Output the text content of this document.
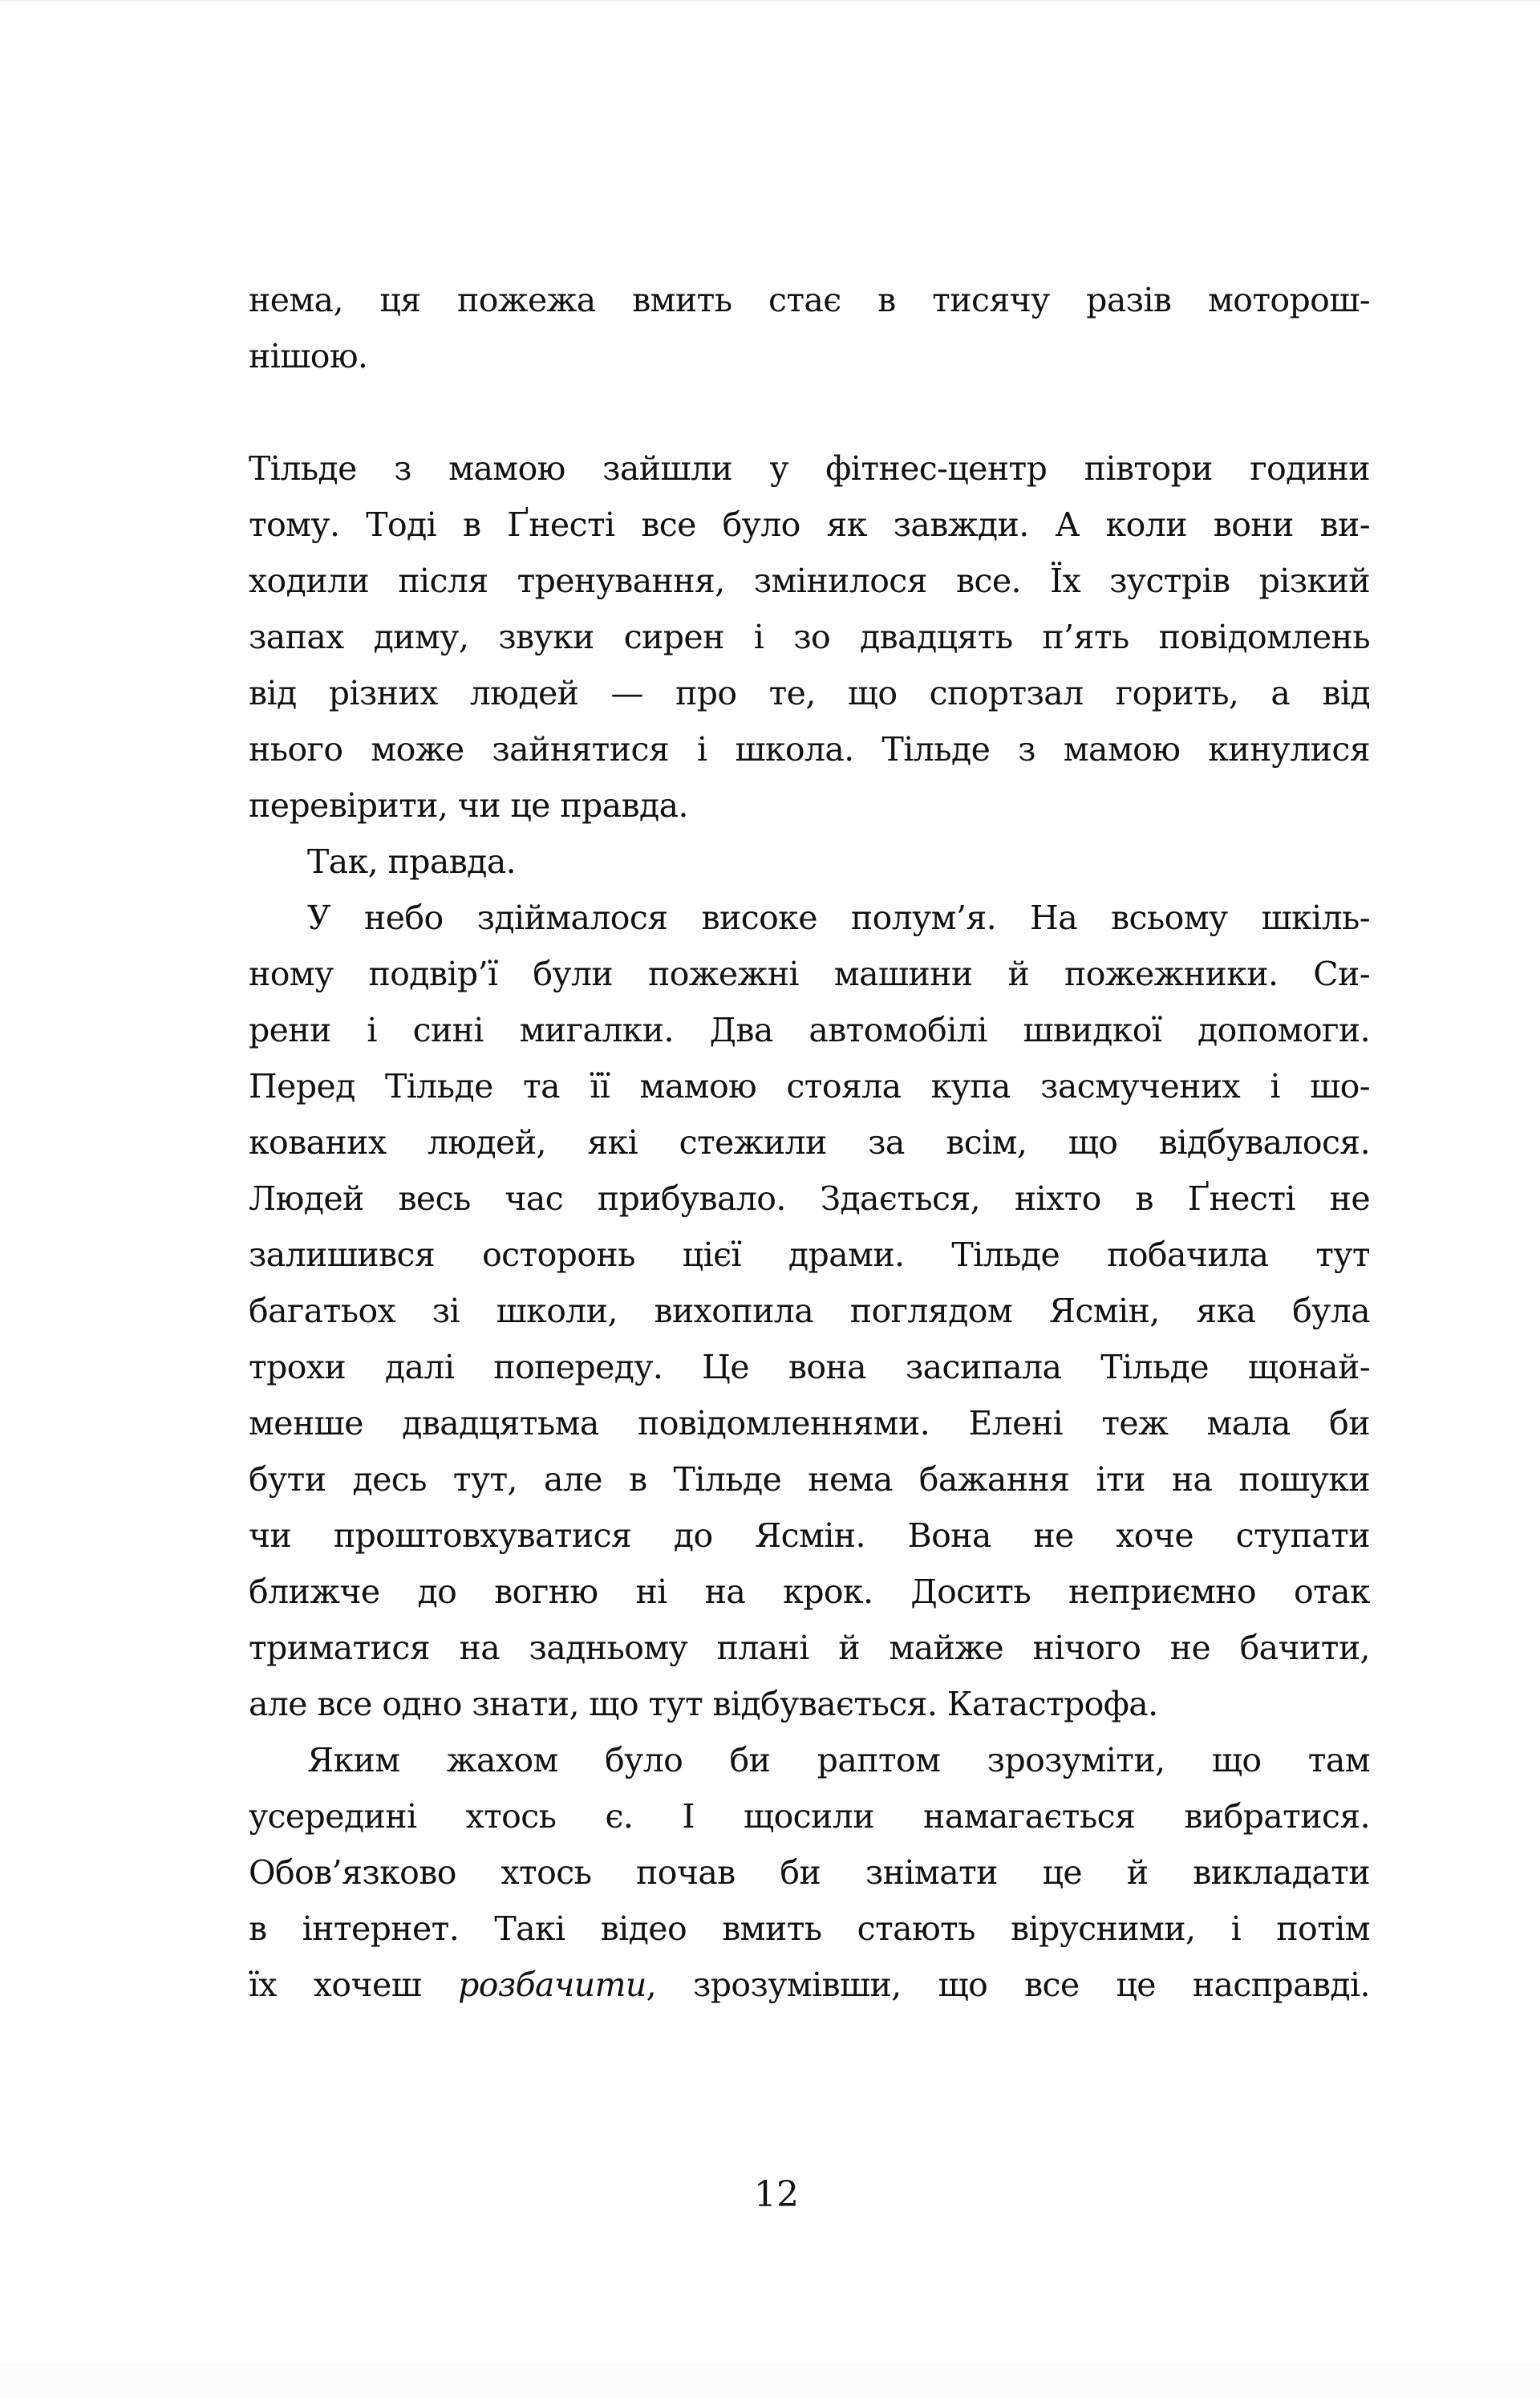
нема, ця пожежа вмить стає в тисячу разів моторош-
нішою.
Тільде з мамою зайшли у фітнес-центр півтори години
тому. Тоді в Ґнесті все було як завжди. А коли вони ви-
ходили після тренування, змінилося все. Їх зустрів різкий
запах диму, звуки сирен і зо двадцять п’ять повідомлень
від різних людей — про те, що спортзал горить, а від
нього може зайнятися і школа. Тільде з мамою кинулися
перевірити, чи це правда.
Так, правда.
У небо здіймалося високе полум’я. На всьому шкіль-
ному подвір’ї були пожежні машини й пожежники. Си-
рени і сині мигалки. Два автомобілі швидкої допомоги.
Перед Тільде та її мамою стояла купа засмучених і шо-
кованих людей, які стежили за всім, що відбувалося.
Людей весь час прибувало. Здається, ніхто в Ґнесті не
залишився осторонь цієї драми. Тільде побачила тут
багатьох зі школи, вихопила поглядом Ясмін, яка була
трохи далі попереду. Це вона засипала Тільде щонай-
менше двадцятьма повідомленнями. Елені теж мала би
бути десь тут, але в Тільде нема бажання іти на пошуки
чи проштовхуватися до Ясмін. Вона не хоче ступати
ближче до вогню ні на крок. Досить неприємно отак
триматися на задньому плані й майже нічого не бачити,
але все одно знати, що тут відбувається. Катастрофа.
Яким жахом було би раптом зрозуміти, що там
усередині хтось є. І щосили намагається вибратися.
Обов’язково хтось почав би знімати це й викладати
в інтернет. Такі відео вмить стають вірусними, і потім
їх хочеш розбачити, зрозумівши, що все це насправді.
12
